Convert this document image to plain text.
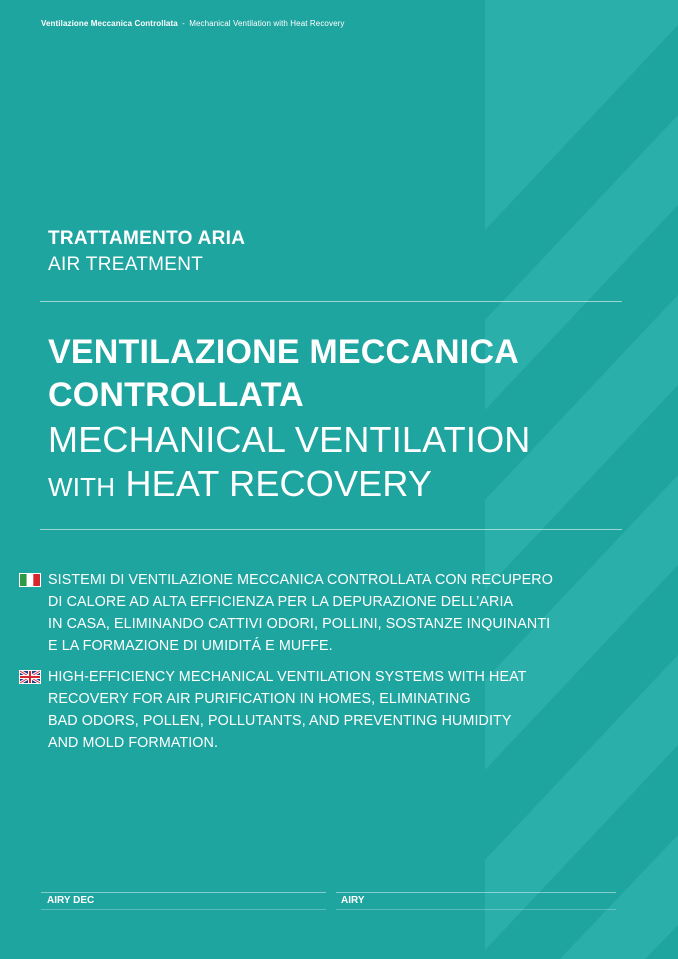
Ventilazione Meccanica Controllata - Mechanical Ventilation with Heat Recovery
TRATTAMENTO ARIA
AIR TREATMENT
VENTILAZIONE MECCANICA
CONTROLLATA
MECHANICAL VENTILATION
WITH HEAT RECOVERY
SISTEMI DI VENTILAZIONE MECCANICA CONTROLLATA CON RECUPERO
DI CALORE AD ALTA EFFICIENZA PER LA DEPURAZIONE DELL’ARIA
IN CASA, ELIMINANDO CATTIVI ODORI, POLLINI, SOSTANZE INQUINANTI
E LA FORMAZIONE DI UMIDITÁ E MUFFE.
HIGH-EFFICIENCY MECHANICAL VENTILATION SYSTEMS WITH HEAT
RECOVERY FOR AIR PURIFICATION IN HOMES, ELIMINATING
BAD ODORS, POLLEN, POLLUTANTS, AND PREVENTING HUMIDITY
AND MOLD FORMATION.
AIRY DEC	AIRY
